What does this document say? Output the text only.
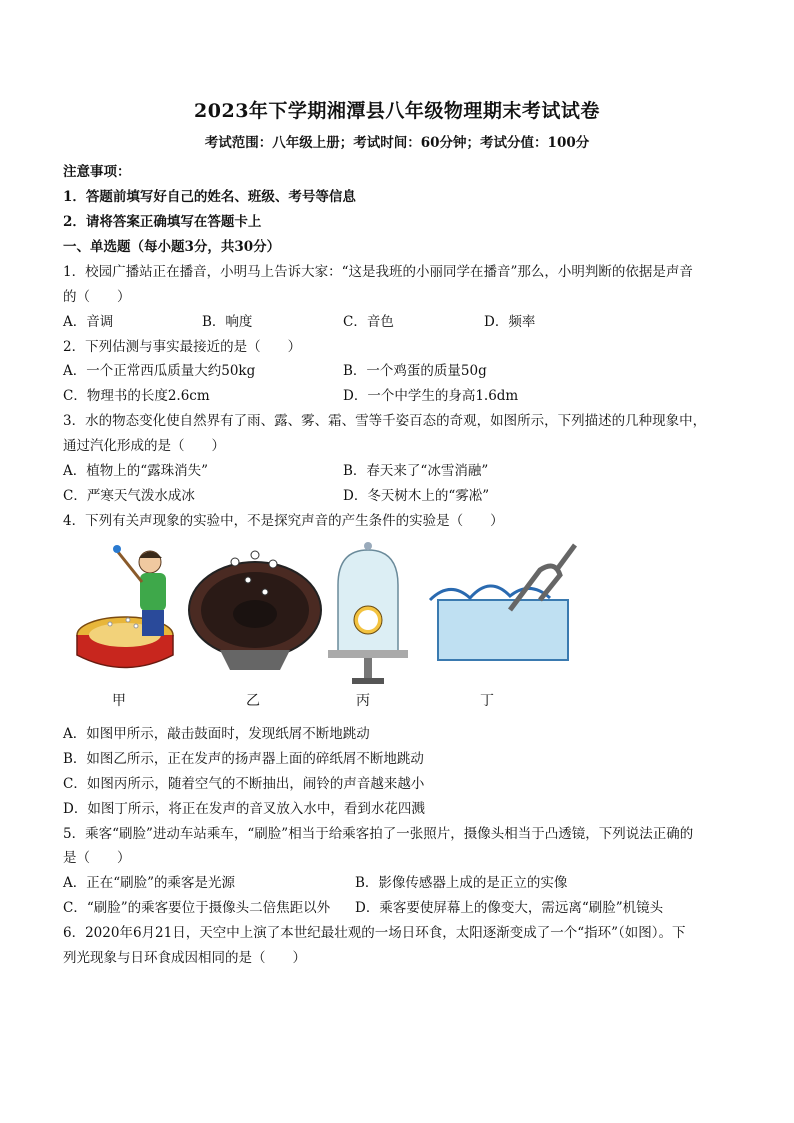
2023年下学期湘潭县八年级物理期末考试试卷
考试范围：八年级上册；考试时间：60分钟；考试分值：100分
注意事项：
1．答题前填写好自己的姓名、班级、考号等信息
2．请将答案正确填写在答题卡上
一、单选题（每小题3分，共30分）
1．校园广播站正在播音，小明马上告诉大家：“这是我班的小丽同学在播音”那么，小明判断的依据是声音
的（　　）
A．音调	B．响度	C．音色	D．频率
2．下列估测与事实最接近的是（　　）
A．一个正常西瓜质量大约50kg	B．一个鸡蛋的质量50g
C．物理书的长度2.6cm	D．一个中学生的身高1.6dm
3．水的物态变化使自然界有了雨、露、雾、霜、雪等千姿百态的奇观，如图所示，下列描述的几种现象中，
通过汽化形成的是（　　）
A．植物上的“露珠消失”	B．春天来了“冰雪消融”
C．严寒天气泼水成冰	D．冬天树木上的“雾凇”
4．下列有关声现象的实验中，不是探究声音的产生条件的实验是（　　）
甲	乙	丙	丁
A．如图甲所示，敲击鼓面时，发现纸屑不断地跳动
B．如图乙所示，正在发声的扬声器上面的碎纸屑不断地跳动
C．如图丙所示，随着空气的不断抽出，闹铃的声音越来越小
D．如图丁所示，将正在发声的音叉放入水中，看到水花四溅
5．乘客“刷脸”进动车站乘车，“刷脸”相当于给乘客拍了一张照片，摄像头相当于凸透镜，下列说法正确的
是（　　）
A．正在“刷脸”的乘客是光源	B．影像传感器上成的是正立的实像
C．“刷脸”的乘客要位于摄像头二倍焦距以外 D．乘客要使屏幕上的像变大，需远离“刷脸”机镜头
6．2020年6月21日，天空中上演了本世纪最壮观的一场日环食，太阳逐渐变成了一个“指环”（如图）。下
列光现象与日环食成因相同的是（　　）
